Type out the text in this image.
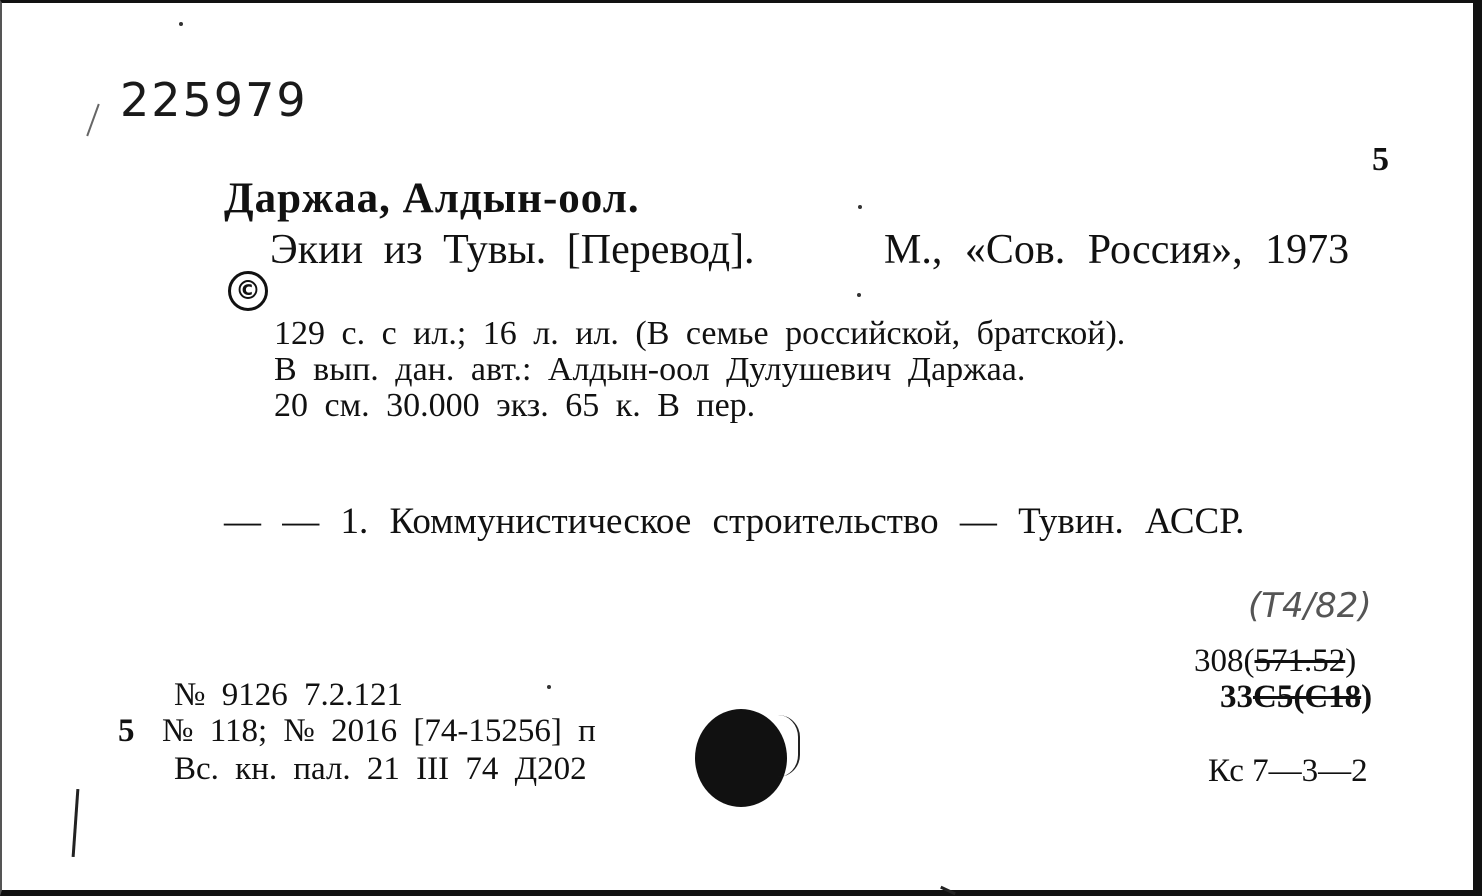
225979
5
Даржаа, Алдын-оол.
Экии из Тувы. [Перевод].	М., «Сов. Россия», 1973
©
129 с. с ил.; 16 л. ил. (В семье российской, братской).
В вып. дан. авт.: Алдын-оол Дулушевич Даржаа.
20 см. 30.000 экз. 65 к. В пер.
— — 1. Коммунистическое строительство — Тувин. АССР.
(Т4/82)
308(571.52)
33С5(С18)
Кс 7—3—2
№ 9126 7.2.121
5 № 118; № 2016 [74-15256] п
Вс. кн. пал. 21 III 74 Д202
